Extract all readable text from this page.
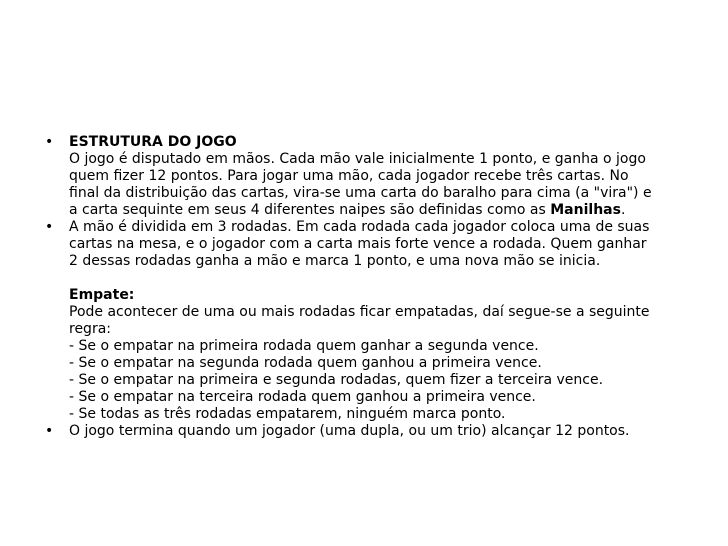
•	ESTRUTURA DO JOGO
O jogo é disputado em mãos. Cada mão vale inicialmente 1 ponto, e ganha o jogo
quem fizer 12 pontos. Para jogar uma mão, cada jogador recebe três cartas. No
final da distribuição das cartas, vira-se uma carta do baralho para cima (a "vira") e
a carta sequinte em seus 4 diferentes naipes são definidas como as Manilhas.
•	A mão é dividida em 3 rodadas. Em cada rodada cada jogador coloca uma de suas
cartas na mesa, e o jogador com a carta mais forte vence a rodada. Quem ganhar
2 dessas rodadas ganha a mão e marca 1 ponto, e uma nova mão se inicia.
Empate:
Pode acontecer de uma ou mais rodadas ficar empatadas, daí segue-se a seguinte
regra:
- Se o empatar na primeira rodada quem ganhar a segunda vence.
- Se o empatar na segunda rodada quem ganhou a primeira vence.
- Se o empatar na primeira e segunda rodadas, quem fizer a terceira vence.
- Se o empatar na terceira rodada quem ganhou a primeira vence.
- Se todas as três rodadas empatarem, ninguém marca ponto.
•	O jogo termina quando um jogador (uma dupla, ou um trio) alcançar 12 pontos.
